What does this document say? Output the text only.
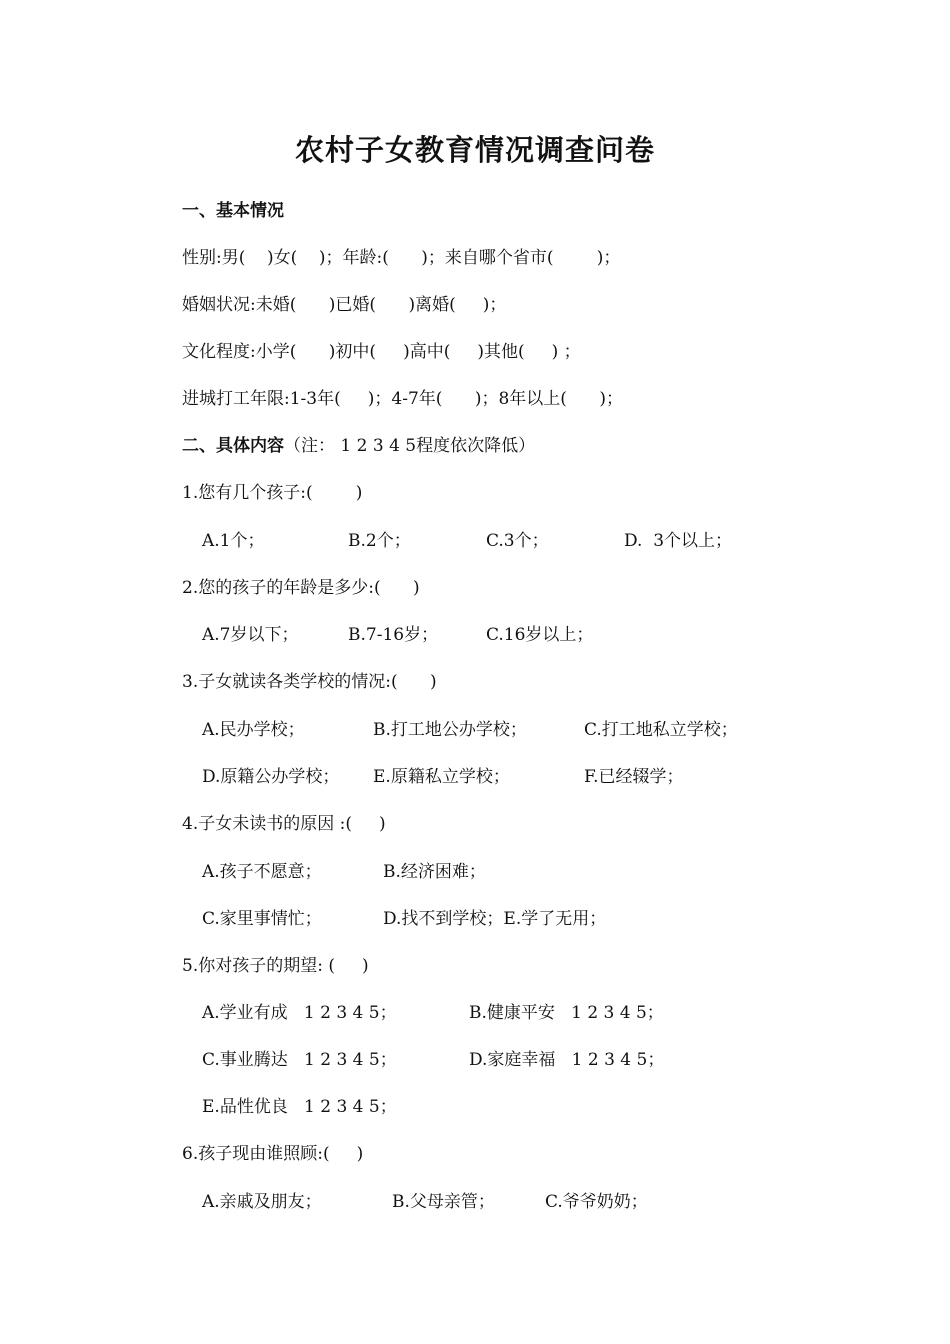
农村子女教育情况调查问卷

一、基本情况

性别:男(    )女(    )；年龄:(      )；来自哪个省市(        )；

婚姻状况:未婚(      )已婚(      )离婚(     )；

文化程度:小学(      )初中(     )高中(     )其他(     ) ；

进城打工年限:1-3年(     )；4-7年(      )；8年以上(      )；

二、具体内容（注： 1 2 3 4 5程度依次降低）

1.您有几个孩子:(        )

A.1个；	B.2个；	C.3个；	D.  3个以上；

2.您的孩子的年龄是多少:(      )

A.7岁以下；	B.7-16岁；	C.16岁以上；

3.子女就读各类学校的情况:(      )

A.民办学校；	B.打工地公办学校；	C.打工地私立学校；
D.原籍公办学校； E.原籍私立学校；	F.已经辍学；

4.子女未读书的原因 :(     )

A.孩子不愿意；	B.经济困难；
C.家里事情忙；	D.找不到学校；E.学了无用；

5.你对孩子的期望: (     )

A.学业有成   1 2 3 4 5；	B.健康平安   1 2 3 4 5；
C.事业腾达   1 2 3 4 5；	D.家庭幸福   1 2 3 4 5；
E.品性优良   1 2 3 4 5；

6.孩子现由谁照顾:(     )

A.亲戚及朋友；	B.父母亲管；	C.爷爷奶奶；
